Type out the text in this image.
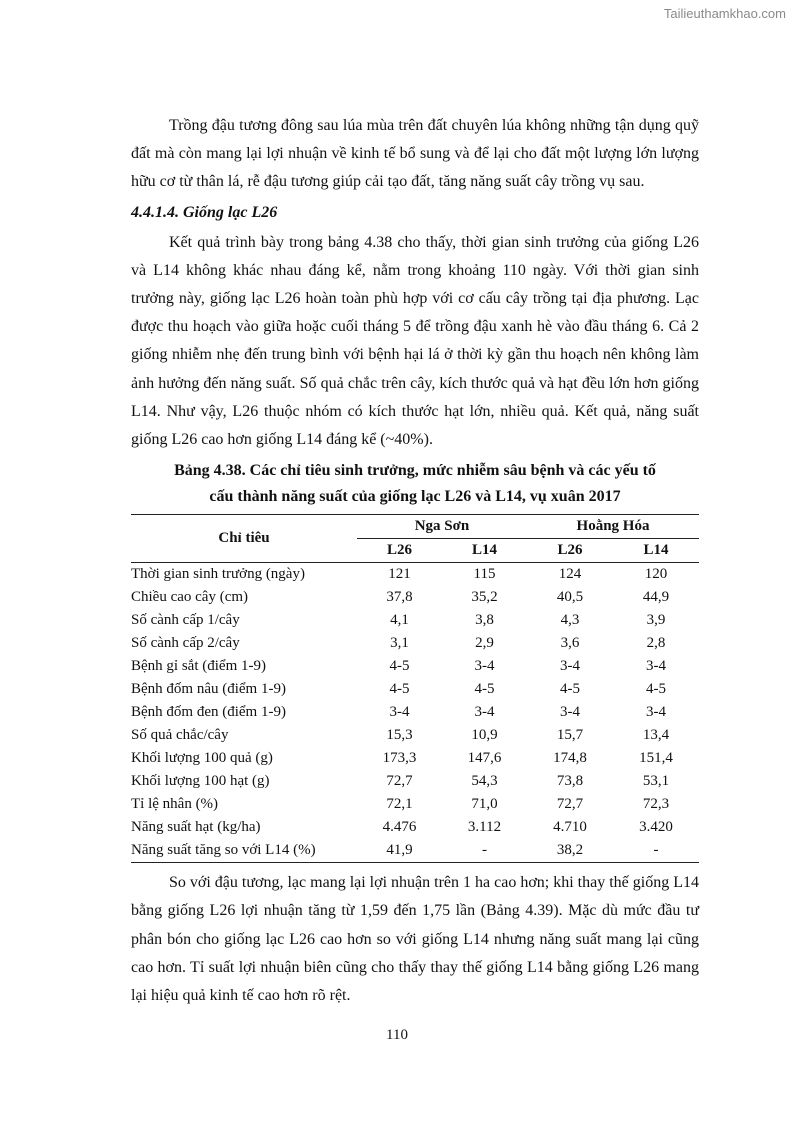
Tailieuthamkhao.com

Trồng đậu tương đông sau lúa mùa trên đất chuyên lúa không những tận dụng quỹ đất mà còn mang lại lợi nhuận về kinh tế bổ sung và để lại cho đất một lượng lớn lượng hữu cơ từ thân lá, rễ đậu tương giúp cải tạo đất, tăng năng suất cây trồng vụ sau.

4.4.1.4. Giống lạc L26

Kết quả trình bày trong bảng 4.38 cho thấy, thời gian sinh trưởng của giống L26 và L14 không khác nhau đáng kể, nằm trong khoảng 110 ngày. Với thời gian sinh trưởng này, giống lạc L26 hoàn toàn phù hợp với cơ cấu cây trồng tại địa phương. Lạc được thu hoạch vào giữa hoặc cuối tháng 5 để trồng đậu xanh hè vào đầu tháng 6. Cả 2 giống nhiễm nhẹ đến trung bình với bệnh hại lá ở thời kỳ gần thu hoạch nên không làm ảnh hưởng đến năng suất. Số quả chắc trên cây, kích thước quả và hạt đều lớn hơn giống L14. Như vậy, L26 thuộc nhóm có kích thước hạt lớn, nhiều quả. Kết quả, năng suất giống L26 cao hơn giống L14 đáng kể (~40%).

Bảng 4.38. Các chỉ tiêu sinh trưởng, mức nhiễm sâu bệnh và các yếu tố
cấu thành năng suất của giống lạc L26 và L14, vụ xuân 2017
Chỉ tiêu	Nga Sơn		Hoằng Hóa	
	L26	L14	L26	L14
Thời gian sinh trưởng (ngày)	121	115	124	120
Chiều cao cây (cm)	37,8	35,2	40,5	44,9
Số cành cấp 1/cây	4,1	3,8	4,3	3,9
Số cành cấp 2/cây	3,1	2,9	3,6	2,8
Bệnh gỉ sắt (điểm 1-9)	4-5	3-4	3-4	3-4
Bệnh đốm nâu (điểm 1-9)	4-5	4-5	4-5	4-5
Bệnh đốm đen (điểm 1-9)	3-4	3-4	3-4	3-4
Số quả chắc/cây	15,3	10,9	15,7	13,4
Khối lượng 100 quả (g)	173,3	147,6	174,8	151,4
Khối lượng 100 hạt (g)	72,7	54,3	73,8	53,1
Tỉ lệ nhân (%)	72,1	71,0	72,7	72,3
Năng suất hạt (kg/ha)	4.476	3.112	4.710	3.420
Năng suất tăng so với L14 (%)	41,9	-	38,2	-

So với đậu tương, lạc mang lại lợi nhuận trên 1 ha cao hơn; khi thay thế giống L14 bằng giống L26 lợi nhuận tăng từ 1,59 đến 1,75 lần (Bảng 4.39). Mặc dù mức đầu tư phân bón cho giống lạc L26 cao hơn so với giống L14 nhưng năng suất mang lại cũng cao hơn. Tỉ suất lợi nhuận biên cũng cho thấy thay thế giống L14 bằng giống L26 mang lại hiệu quả kinh tế cao hơn rõ rệt.

110
